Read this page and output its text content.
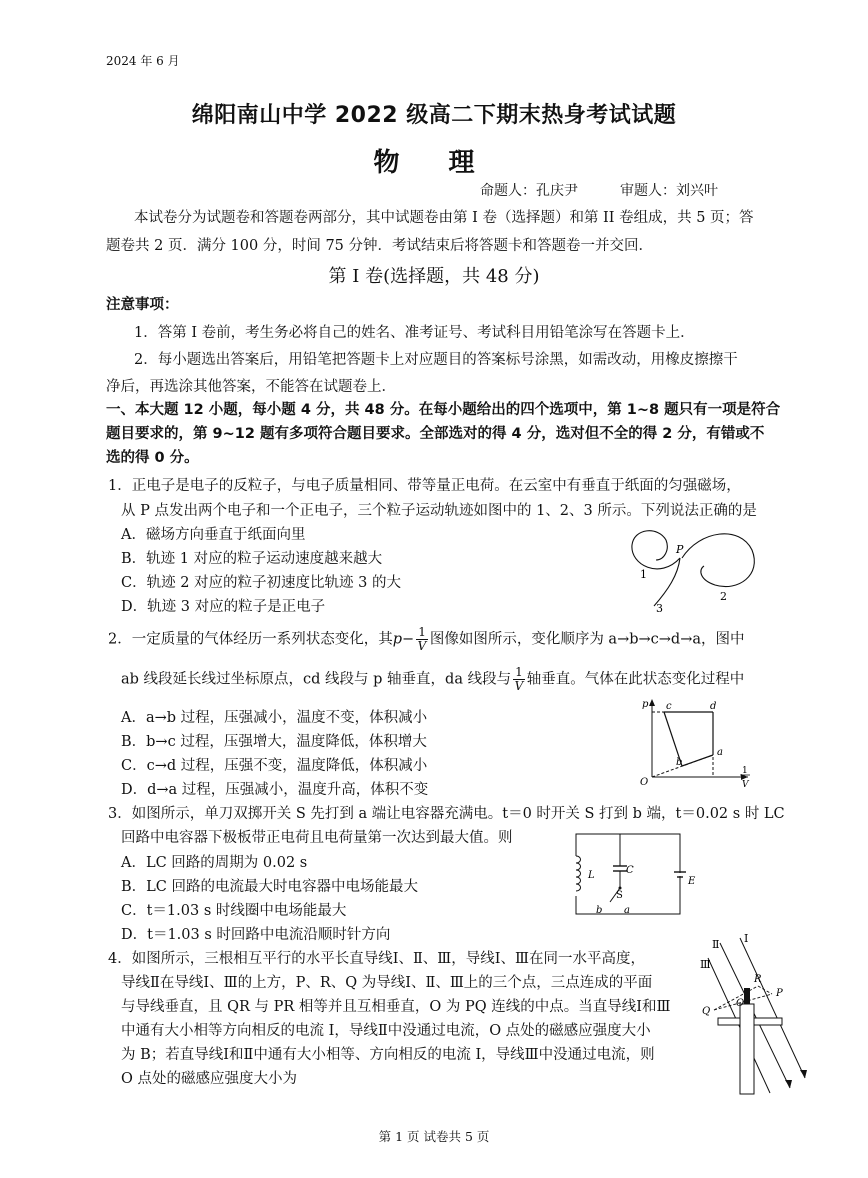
2024 年 6 月
绵阳南山中学 2022 级高二下期末热身考试试题
物 理
命题人：孔庆尹	审题人：刘兴叶
本试卷分为试题卷和答题卷两部分，其中试题卷由第 I 卷（选择题）和第 II 卷组成，共 5 页；答
题卷共 2 页．满分 100 分，时间 75 分钟．考试结束后将答题卡和答题卷一并交回．
第 I 卷(选择题，共 48 分)
注意事项：
1．答第 I 卷前，考生务必将自己的姓名、准考证号、考试科目用铅笔涂写在答题卡上．
2．每小题选出答案后，用铅笔把答题卡上对应题目的答案标号涂黑，如需改动，用橡皮擦擦干
净后，再选涂其他答案，不能答在试题卷上．
一、本大题 12 小题，每小题 4 分，共 48 分。在每小题给出的四个选项中，第 1~8 题只有一项是符合
题目要求的，第 9~12 题有多项符合题目要求。全部选对的得 4 分，选对但不全的得 2 分，有错或不
选的得 0 分。
1．正电子是电子的反粒子，与电子质量相同、带等量正电荷。在云室中有垂直于纸面的匀强磁场，
从 P 点发出两个电子和一个正电子，三个粒子运动轨迹如图中的 1、2、3 所示。下列说法正确的是
A．磁场方向垂直于纸面向里
B．轨迹 1 对应的粒子运动速度越来越大
C．轨迹 2 对应的粒子初速度比轨迹 3 的大
D．轨迹 3 对应的粒子是正电子
P
1
2
3
2．一定质量的气体经历一系列状态变化，其$p- \frac{1}{V}$ 图像如图所示，变化顺序为 a→b→c→d→a，图中
ab 线段延长线过坐标原点，cd 线段与 p 轴垂直，da 线段与 $\frac{1}{V}$ 轴垂直。气体在此状态变化过程中
A．a→b 过程，压强减小，温度不变，体积减小
B．b→c 过程，压强增大，温度降低，体积增大
C．c→d 过程，压强不变，温度降低，体积减小
D．d→a 过程，压强减小，温度升高，体积不变
p c	d
a
b
O
1
V
3．如图所示，单刀双掷开关 S 先打到 a 端让电容器充满电。t＝0 时开关 S 打到 b 端，t＝0.02 s 时 LC
回路中电容器下极板带正电荷且电荷量第一次达到最大值。则
A．LC 回路的周期为 0.02 s
B．LC 回路的电流最大时电容器中电场能最大
C．t＝1.03 s 时线圈中电场能最大
D．t＝1.03 s 时回路中电流沿顺时针方向
L	C
S
E
a
b
4．如图所示，三根相互平行的水平长直导线Ⅰ、Ⅱ、Ⅲ，导线Ⅰ、Ⅲ在同一水平高度，
导线Ⅱ在导线Ⅰ、Ⅲ的上方，P、R、Q 为导线Ⅰ、Ⅱ、Ⅲ上的三个点，三点连成的平面
与导线垂直，且 QR 与 PR 相等并且互相垂直，O 为 PQ 连线的中点。当直导线Ⅰ和Ⅲ
中通有大小相等方向相反的电流 I，导线Ⅱ中没通过电流，O 点处的磁感应强度大小
为 B；若直导线Ⅰ和Ⅱ中通有大小相等、方向相反的电流 I，导线Ⅲ中没通过电流，则
O 点处的磁感应强度大小为
Ⅱ Ⅰ
Ⅲ
R
P
Q
O
第 1 页 试卷共 5 页
